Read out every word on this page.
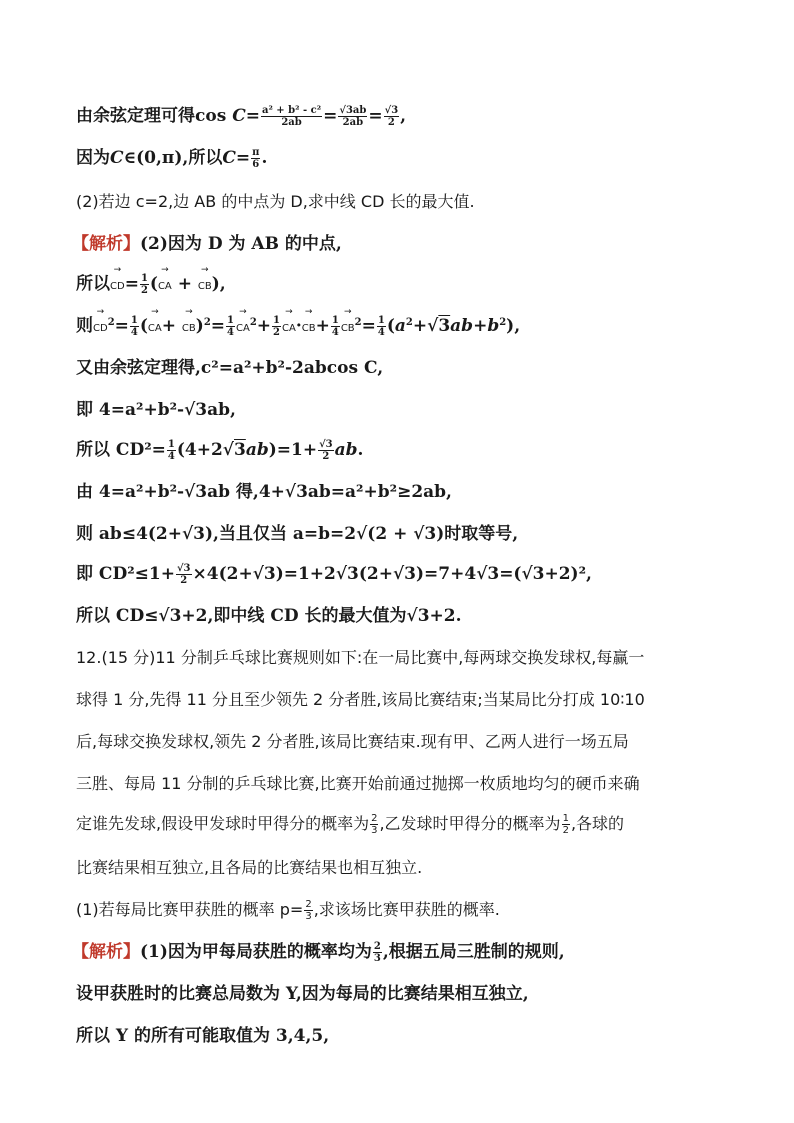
由余弦定理可得$\cos C= \frac{\text{a² + b² - c²}}{2ab} = \frac{√3ab}{2ab} = \frac{√3}{2}$ ,
因为C∈(0,π),所以$C= \frac{\pi}{6}$ .
(2)若边 c=2,边 AB 的中点为 D,求中线 CD 长的最大值.
【解析】(2)因为 D 为 AB 的中点,
所以→ $CD= \frac{1}{2}$ (→ CA + → CB),
则→ $CD^2= \frac{1}{4}$ (→ $CA+ \to CB)^2= \frac{1}{4} \to CA^2+ \frac{1}{2} \to CA\cdot\to CB+ \frac{1}{4} \to CB^2= \frac{1}{4} (a^2+√3ab+b^2)$,
又由余弦定理得,c²=a²+b²-2abcos C,
即 4=a²+b²-√3ab,
所以 $CD^2= \frac{1}{4} (4+2√3ab)=1+ \frac{√3}{2}$ ab.
由 4=a²+b²-√3ab 得,4+√3ab=a²+b²≥2ab,
则 ab≤4(2+√3),当且仅当 a=b=2√(2 + √3)时取等号,
即 $CD^2\le 1+ \frac{√3}{2} \times 4(2+√3)=1+2√3(2+√3)=7+4√3=(√3+2)^2$,
所以 CD≤√3+2,即中线 CD 长的最大值为√3+2.
12.(15 分)11 分制乒乓球比赛规则如下:在一局比赛中,每两球交换发球权,每赢一
球得 1 分,先得 11 分且至少领先 2 分者胜,该局比赛结束;当某局比分打成 10∶10
后,每球交换发球权,领先 2 分者胜,该局比赛结束.现有甲、乙两人进行一场五局
三胜、每局 11 分制的乒乓球比赛,比赛开始前通过抛掷一枚质地均匀的硬币来确
定谁先发球,假设甲发球时甲得分的概率为 $\frac{2}{3}$ ,乙发球时甲得分的概率为 $\frac{1}{2}$ ,各球的
比赛结果相互独立,且各局的比赛结果也相互独立.
(1)若每局比赛甲获胜的概率 $p= \frac{2}{3}$ ,求该场比赛甲获胜的概率.
【解析】(1)因为甲每局获胜的概率均为 $\frac{2}{3}$ ,根据五局三胜制的规则,
设甲获胜时的比赛总局数为 Y,因为每局的比赛结果相互独立,
所以 Y 的所有可能取值为 3,4,5,
